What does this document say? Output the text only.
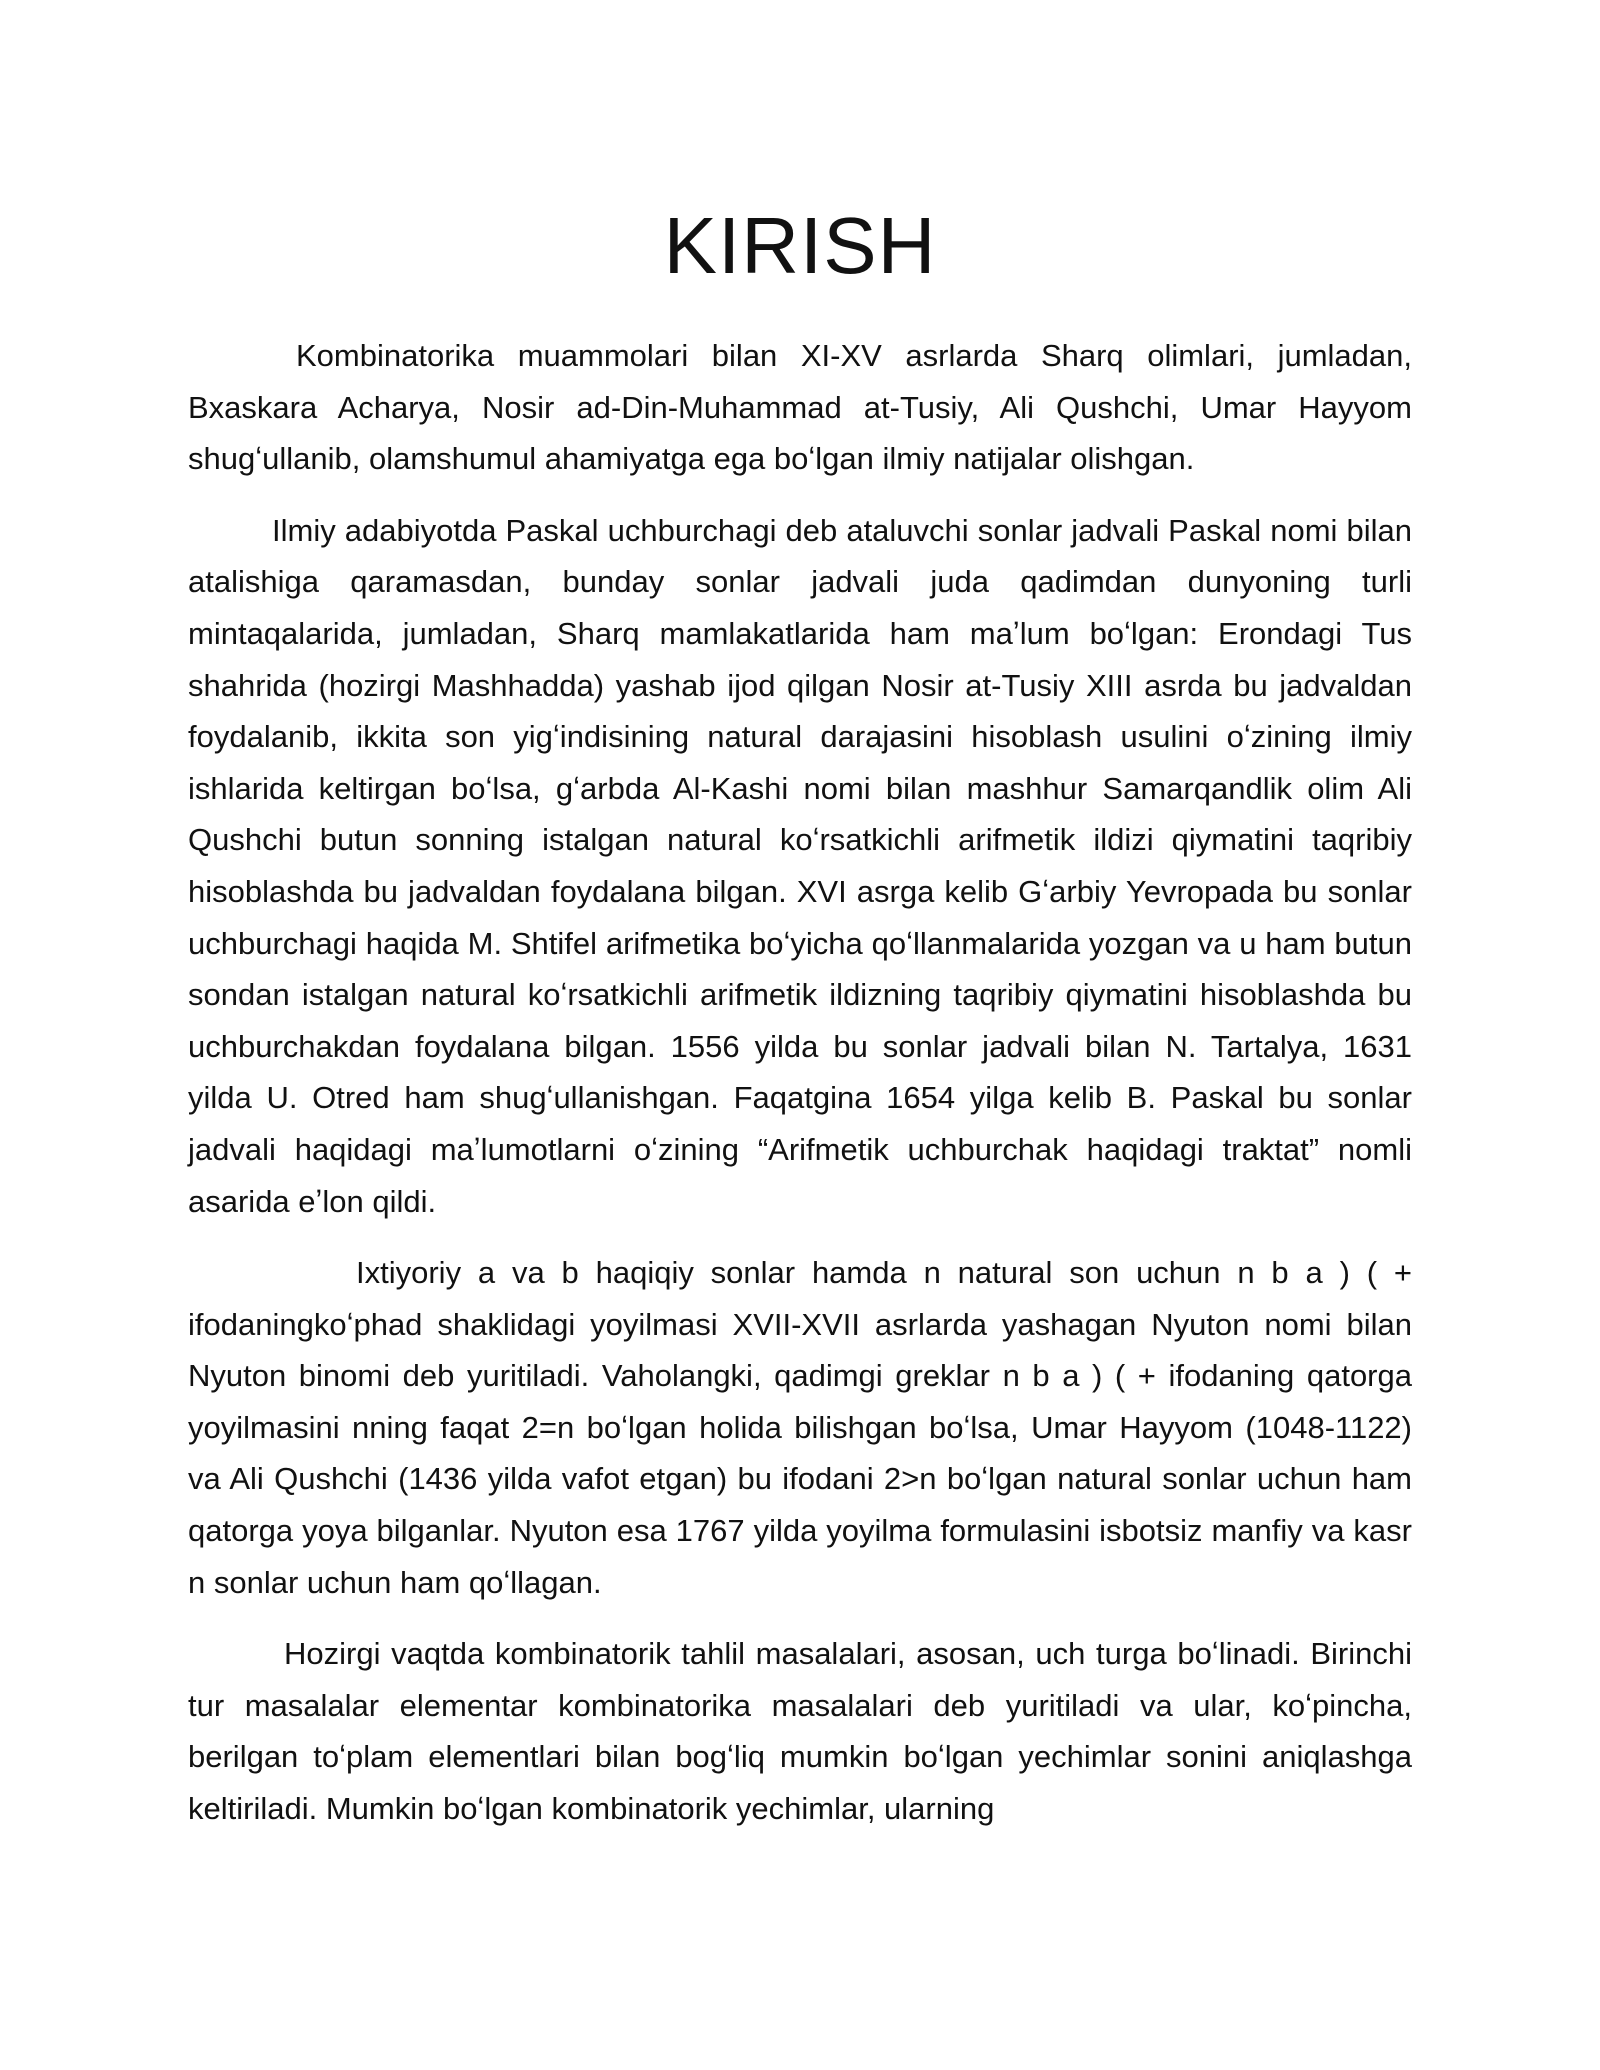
KIRISH

Kombinatorika muammolari bilan XI-XV asrlarda Sharq olimlari, jumladan, Bxaskara Acharya, Nosir ad-Din-Muhammad at-Tusiy, Ali Qushchi, Umar Hayyom shugʻullanib, olamshumul ahamiyatga ega boʻlgan ilmiy natijalar olishgan.

Ilmiy adabiyotda Paskal uchburchagi deb ataluvchi sonlar jadvali Paskal nomi bilan atalishiga qaramasdan, bunday sonlar jadvali juda qadimdan dunyoning turli mintaqalarida, jumladan, Sharq mamlakatlarida ham maʼlum boʻlgan: Erondagi Tus shahrida (hozirgi Mashhadda) yashab ijod qilgan Nosir at-Tusiy XIII asrda bu jadvaldan foydalanib, ikkita son yigʻindisining natural darajasini hisoblash usulini oʻzining ilmiy ishlarida keltirgan boʻlsa, gʻarbda Al-Kashi nomi bilan mashhur Samarqandlik olim Ali Qushchi butun sonning istalgan natural koʻrsatkichli arifmetik ildizi qiymatini taqribiy hisoblashda bu jadvaldan foydalana bilgan. XVI asrga kelib Gʻarbiy Yevropada bu sonlar uchburchagi haqida M. Shtifel arifmetika boʻyicha qoʻllanmalarida yozgan va u ham butun sondan istalgan natural koʻrsatkichli arifmetik ildizning taqribiy qiymatini hisoblashda bu uchburchakdan foydalana bilgan. 1556 yilda bu sonlar jadvali bilan N. Tartalya, 1631 yilda U. Otred ham shugʻullanishgan. Faqatgina 1654 yilga kelib B. Paskal bu sonlar jadvali haqidagi maʼlumotlarni oʻzining “Arifmetik uchburchak haqidagi traktat” nomli asarida eʼlon qildi.

Ixtiyoriy a va b haqiqiy sonlar hamda n natural son uchun n b a ) ( + ifodaningkoʻphad shaklidagi yoyilmasi XVII-XVII asrlarda yashagan Nyuton nomi bilan Nyuton binomi deb yuritiladi. Vaholangki, qadimgi greklar n b a ) ( + ifodaning qatorga yoyilmasini nning faqat 2=n boʻlgan holida bilishgan boʻlsa, Umar Hayyom (1048-1122) va Ali Qushchi (1436 yilda vafot etgan) bu ifodani 2>n boʻlgan natural sonlar uchun ham qatorga yoya bilganlar. Nyuton esa 1767 yilda yoyilma formulasini isbotsiz manfiy va kasr n sonlar uchun ham qoʻllagan.

Hozirgi vaqtda kombinatorik tahlil masalalari, asosan, uch turga boʻlinadi. Birinchi tur masalalar elementar kombinatorika masalalari deb yuritiladi va ular, koʻpincha, berilgan toʻplam elementlari bilan bogʻliq mumkin boʻlgan yechimlar sonini aniqlashga keltiriladi. Mumkin boʻlgan kombinatorik yechimlar, ularning
